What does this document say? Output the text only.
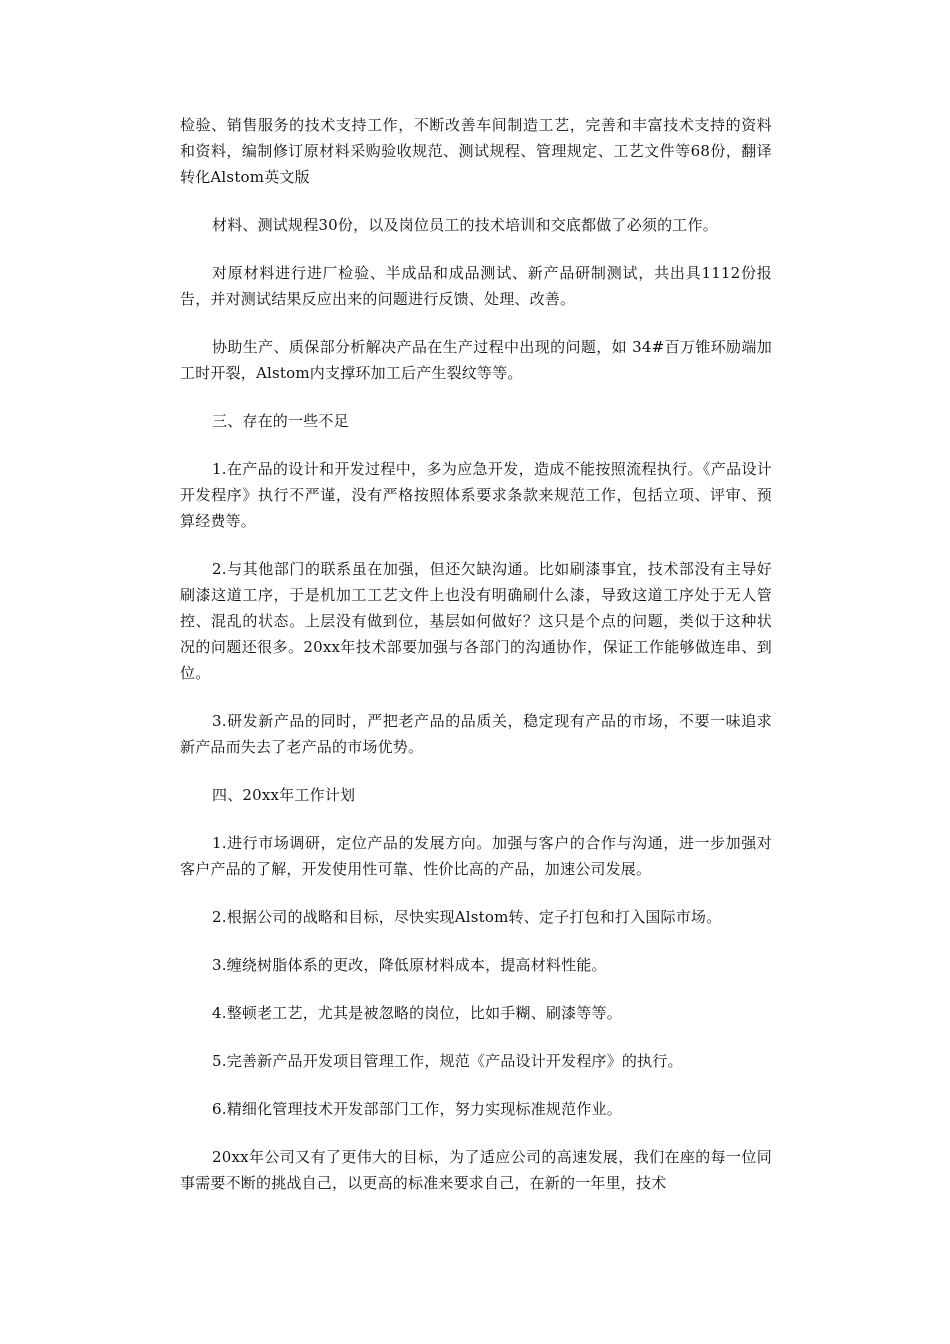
检验、销售服务的技术支持工作，不断改善车间制造工艺，完善和丰富技术支持的资料和资料，编制修订原材料采购验收规范、测试规程、管理规定、工艺文件等68份，翻译转化Alstom英文版

材料、测试规程30份，以及岗位员工的技术培训和交底都做了必须的工作。

对原材料进行进厂检验、半成品和成品测试、新产品研制测试，共出具1112份报告，并对测试结果反应出来的问题进行反馈、处理、改善。

协助生产、质保部分析解决产品在生产过程中出现的问题，如 34#百万锥环励端加工时开裂，Alstom内支撑环加工后产生裂纹等等。

三、存在的一些不足

1.在产品的设计和开发过程中，多为应急开发，造成不能按照流程执行。《产品设计开发程序》执行不严谨，没有严格按照体系要求条款来规范工作，包括立项、评审、预算经费等。

2.与其他部门的联系虽在加强，但还欠缺沟通。比如刷漆事宜，技术部没有主导好刷漆这道工序，于是机加工工艺文件上也没有明确刷什么漆，导致这道工序处于无人管控、混乱的状态。上层没有做到位，基层如何做好？这只是个点的问题，类似于这种状况的问题还很多。20xx年技术部要加强与各部门的沟通协作，保证工作能够做连串、到位。

3.研发新产品的同时，严把老产品的品质关，稳定现有产品的市场，不要一味追求新产品而失去了老产品的市场优势。

四、20xx年工作计划

1.进行市场调研，定位产品的发展方向。加强与客户的合作与沟通，进一步加强对客户产品的了解，开发使用性可靠、性价比高的产品，加速公司发展。

2.根据公司的战略和目标，尽快实现Alstom转、定子打包和打入国际市场。

3.缠绕树脂体系的更改，降低原材料成本，提高材料性能。

4.整顿老工艺，尤其是被忽略的岗位，比如手糊、刷漆等等。

5.完善新产品开发项目管理工作，规范《产品设计开发程序》的执行。

6.精细化管理技术开发部部门工作，努力实现标准规范作业。

20xx年公司又有了更伟大的目标，为了适应公司的高速发展，我们在座的每一位同事需要不断的挑战自己，以更高的标准来要求自己，在新的一年里，技术
